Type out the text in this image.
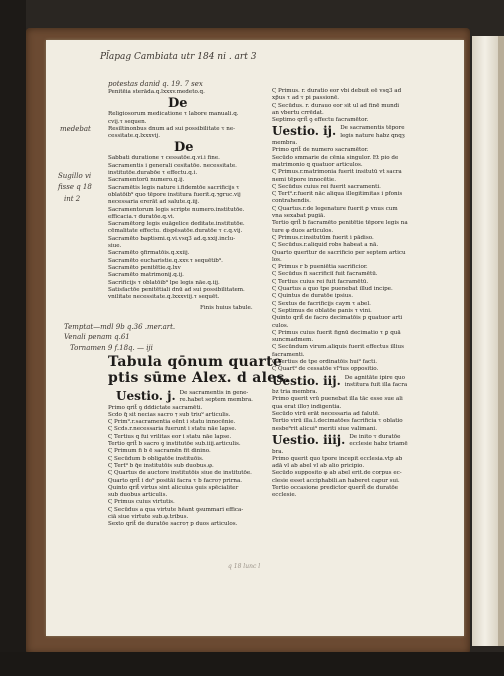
Pl̃apag Cambiata utr 184 ni . art 3
medebat
Sugillo vi
fisse q 18
int 2
potestas danid q. 19. 7 sex
Penitēia sterāda.q.lxxxv.medeto.q.
De
Religiosorum medicatione τ labore manuali.q.
cvij.τ sequen.
Resiltinonbus dnum ad sui possibilitate τ ne-
cessitate.q.lxxxvij.
De
Sabbati duratione τ cessatōe.q.vi.i fine.
Sacramentis i generali cesitatōe. necessitate.
institutōe.durabōe τ effectu.q.i.
Sacramentorū numero.q.ij.
Sacramētis legis nature i.fidemtōe sacrificijs τ
oblatōib⁹ quo tēpore institura fuerit.q.⁊gruc.vij
necessaria ererāt ad salute.q.iij.
Sacramentorum legis scripte numero.institutōe.
efficacia.τ duratōe.q.vi.
Sacramētorg legis euāgelice deditate.institutōe.
cēmalitate effectu. dispēsatōe.duratōe τ c.q.vij.
Sacramēto baptismi.q.vi.vsq3 ad.q.xxij.inclu-
siue.
Sacramēto ꝯfirmatōis.q.xxiij.
Sacramēto eucharistie.q.xxv.τ sequētib⁹.
Sacramēto penitētie.q.lxv
Sacramēto matrimonij.q.ij.
Sacrificijs τ oblatōib⁹ lpe legis nāe.q.iij.
Satisfactōe penitētiali dnū ad sui possibilitatem.
vnilitate necessitate.q.lxxxviij.τ sequēt.
Finis huius tabule.
Temptat—mdl 9b q.36 .mer.art.
Venali penam q.61
Tornamen 9 f.18q. — iji
Tabula qōnum quarte
ptis sūme Alex. d ales.
Uestio. j. De sacramentis in gene-
re.habet septem membra.
Primo qrit̄ ꝯ dddictate sacramēti.
Scdo q̄ sit necias sacro ⁊ sub triu⁹ articulis.
Ϛ Prim⁹.r.sacramentia eēnt i statu innocēnie.
Ϛ Scds.r.necessaria fuerunt i statu nāe lapse.
Ϛ Tertius q fui vrilitas eor i statu nāe lapse.
Tertio qrit̄ b sacro ꝯ institutōe sub.iiij.articulis.
Ϛ Primum fi b ē sacramēn fit dinino.
Ϛ Secūdum b obligatōe instituōis.
Ϛ Tert⁹ b q̄e institutōis sub duobus.φ.
Ϛ Quartus de auctore institutōis siue de institutōe.
Quarto qrit̄ i do⁹ positāi facra τ b facro⁊ prirna.
Quinto qrit̄ virtus sint alicuius ꝯuis spēcialiter
sub duobus articulis.
Ϛ Primus cuius virtutis.
Ϛ Secūdus a qua virtute hēant ꝯsummari effica-
ciā siue virtute sub.φ.tribus.
Sexto qrit̄ de duratōe sacro⁊ p duos articulos.
Ϛ Primus. r. duratio eor vbi debuit eē vsq3 ad
xp̄us τ ad τ pi passionē.
Ϛ Secūdus. r. durauo eor sit ul ad finē mundi
an vbertu crrēdat.
Septimo qrit̄ ꝯ effectu facramētor.
Uestio. ij. De sacramentis tēpore
legis nature habz qnqȝ
membra.
Primo qrit̄ de numero sacramētor.
Secūdo smmarie de cēnia singulor. Et pio de
matrimonio q quatuor articulos.
Ϛ Primus.r.matrimonia fuerit insitutū vt sacra
nemi tēpore innocētie.
Ϛ Secūdus cuius rei fuerit sacramenti.
Ϛ Tert⁹.r.fuerit nāc aliqua illegitimitas i pfonis
contrahendis.
Ϛ Quartus.r.de legenature fuerit ꝑ vnus cum
vna sexabat pugiā.
Tertio qrit̄ b facramēto penitētie tēpore legis na
ture φ duos articulos.
Ϛ Primus.r.insitutūm fuerit i pādiso.
Ϛ Secūdus.r.aliquid robs habeat a nā.
Quarto querītur de sacrificio per septem articu
los.
Ϛ Primus r b pueniētia sacrificior.
Ϛ Secūdus fi sacrificiī fuit facramētū.
Ϛ Tertius cuius rei fuit facramētū.
Ϛ Quartus a quo tpe puenebat illud incipe.
Ϛ Quintus de duratōe ipsius.
Ϛ Sextus de facrificijs caym τ abel.
Ϛ Septimus de oblatōe panis τ vini.
Quinto qrit̄ de facro decimatōis p quatuor arti
culos.
Ϛ Primus cuius fuerit fignū decimatio τ ꝑ quā
suncmadmem.
Ϛ Secūndum virum.aliquis fuerit effectus illius
facramenti.
Ϛ Tertius de tpe ordinatōis hui⁹ facti.
Ϛ Quart⁹ de cessatōe vl⁹ius oppositio.
Uestio. iij. De agnitāte ipire quo
institura fuit illa facra
bz tria membra.
Primo querit vrū puenebat illa tāc esse sue ali
qua erat illo⁊ indigentia.
Secūdo virū erāt necessaria ad falutē.
Tertio virū illa.l.decimatōes facrificia τ oblatio
nesbe⁹rit alicui⁹ meriti siue valimani.
Uestio. iiij. De inito τ duratōe
ecclesie habz triamē
bra.
Primo querit quo tpore incepit ecclesia.vtp ab
adā vl ab abel vl ab alio pricipio.
Secūdo supposito φ ab abel erit.de corpus ec-
clesie esset acciphabili.an haberet capur sui.
Tertio occasione predictor querit̄ de duratōe
ecclesie.
q 18 lunc l
